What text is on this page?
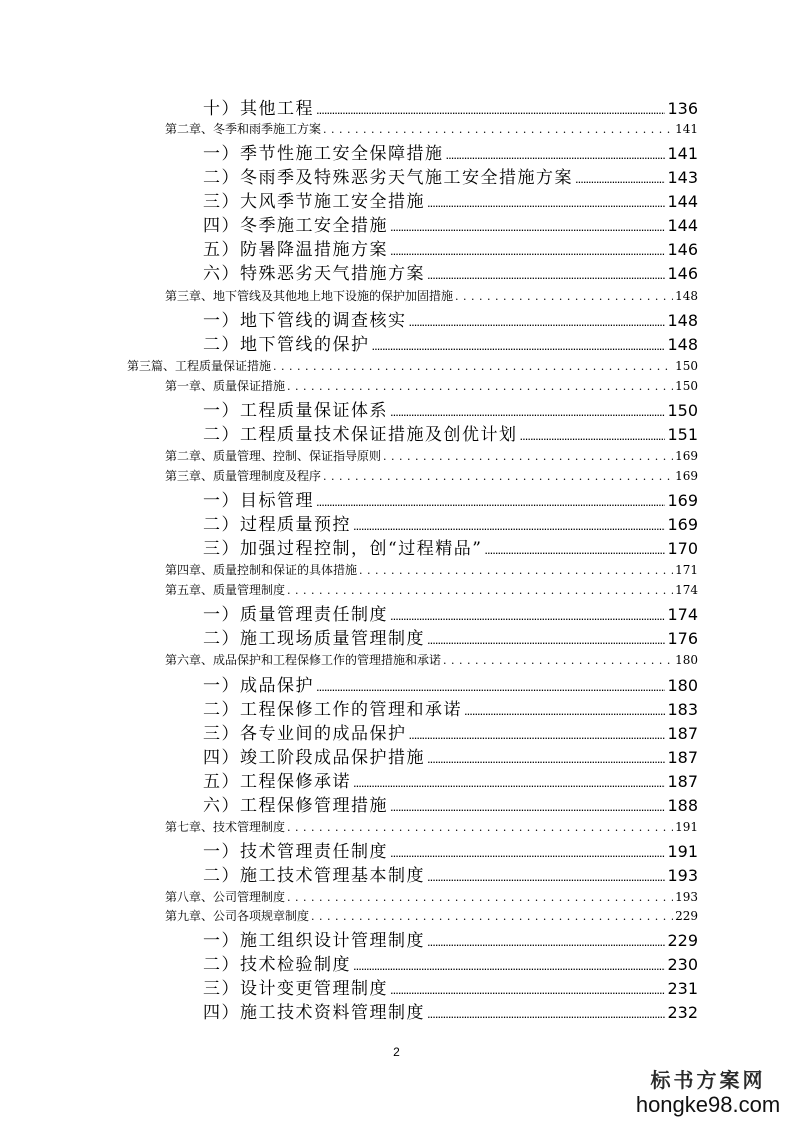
十）其他工程 .....	136
第二章、冬季和雨季施工方案 . . .	141
一）季节性施工安全保障措施 .....	141
二）冬雨季及特殊恶劣天气施工安全措施方案 .....	143
三）大风季节施工安全措施 .....	144
四）冬季施工安全措施 .....	144
五）防暑降温措施方案 .....	146
六）特殊恶劣天气措施方案 .....	146
第三章、地下管线及其他地上地下设施的保护加固措施 . . .	148
一）地下管线的调查核实 .....	148
二）地下管线的保护 .....	148
第三篇、工程质量保证措施 . . .	150
第一章、质量保证措施 . . .	150
一）工程质量保证体系 .....	150
二）工程质量技术保证措施及创优计划 .....	151
第二章、质量管理、控制、保证指导原则 . . .	169
第三章、质量管理制度及程序 . . .	169
一）目标管理 .....	169
二）过程质量预控 .....	169
三）加强过程控制，创“过程精品” .....	170
第四章、质量控制和保证的具体措施 . . .	171
第五章、质量管理制度 . . .	174
一）质量管理责任制度 .....	174
二）施工现场质量管理制度 .....	176
第六章、成品保护和工程保修工作的管理措施和承诺 . . .	180
一）成品保护 .....	180
二）工程保修工作的管理和承诺 .....	183
三）各专业间的成品保护 .....	187
四）竣工阶段成品保护措施 .....	187
五）工程保修承诺 .....	187
六）工程保修管理措施 .....	188
第七章、技术管理制度 . . .	191
一）技术管理责任制度 .....	191
二）施工技术管理基本制度 .....	193
第八章、公司管理制度 . . .	193
第九章、公司各项规章制度 . . .	229
一）施工组织设计管理制度 .....	229
二）技术检验制度 .....	230
三）设计变更管理制度 .....	231
四）施工技术资料管理制度 .....	232
2
标书方案网
hongke98.com
